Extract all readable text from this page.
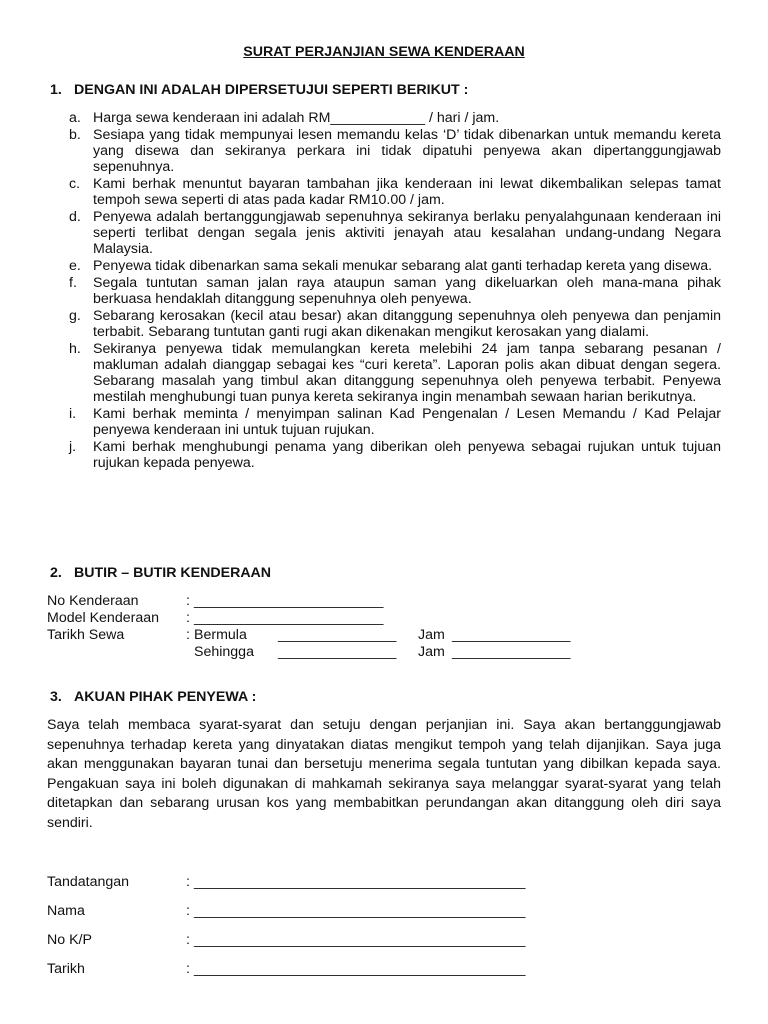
SURAT PERJANJIAN SEWA KENDERAAN
1. DENGAN INI ADALAH DIPERSETUJUI SEPERTI BERIKUT :
a. Harga sewa kenderaan ini adalah RM____________ / hari / jam.
b. Sesiapa yang tidak mempunyai lesen memandu kelas ‘D’ tidak dibenarkan untuk memandu kereta yang disewa dan sekiranya perkara ini tidak dipatuhi penyewa akan dipertanggungjawab sepenuhnya.
c. Kami berhak menuntut bayaran tambahan jika kenderaan ini lewat dikembalikan selepas tamat tempoh sewa seperti di atas pada kadar RM10.00 / jam.
d. Penyewa adalah bertanggungjawab sepenuhnya sekiranya berlaku penyalahgunaan kenderaan ini seperti terlibat dengan segala jenis aktiviti jenayah atau kesalahan undang-undang Negara Malaysia.
e. Penyewa tidak dibenarkan sama sekali menukar sebarang alat ganti terhadap kereta yang disewa.
f. Segala tuntutan saman jalan raya ataupun saman yang dikeluarkan oleh mana-mana pihak berkuasa hendaklah ditanggung sepenuhnya oleh penyewa.
g. Sebarang kerosakan (kecil atau besar) akan ditanggung sepenuhnya oleh penyewa dan penjamin terbabit. Sebarang tuntutan ganti rugi akan dikenakan mengikut kerosakan yang dialami.
h. Sekiranya penyewa tidak memulangkan kereta melebihi 24 jam tanpa sebarang pesanan / makluman adalah dianggap sebagai kes “curi kereta”. Laporan polis akan dibuat dengan segera. Sebarang masalah yang timbul akan ditanggung sepenuhnya oleh penyewa terbabit. Penyewa mestilah menghubungi tuan punya kereta sekiranya ingin menambah sewaan harian berikutnya.
i. Kami berhak meminta / menyimpan salinan Kad Pengenalan / Lesen Memandu / Kad Pelajar penyewa kenderaan ini untuk tujuan rujukan.
j. Kami berhak menghubungi penama yang diberikan oleh penyewa sebagai rujukan untuk tujuan rujukan kepada penyewa.
2. BUTIR – BUTIR KENDERAAN
No Kenderaan	: ________________________
Model Kenderaan : ________________________
Tarikh Sewa	: Bermula _______________ Jam _______________
Sehingga _______________ Jam _______________
3. AKUAN PIHAK PENYEWA :

Saya telah membaca syarat-syarat dan setuju dengan perjanjian ini. Saya akan bertanggungjawab sepenuhnya terhadap kereta yang dinyatakan diatas mengikut tempoh yang telah dijanjikan. Saya juga akan menggunakan bayaran tunai dan bersetuju menerima segala tuntutan yang dibilkan kepada saya. Pengakuan saya ini boleh digunakan di mahkamah sekiranya saya melanggar syarat-syarat yang telah ditetapkan dan sebarang urusan kos yang membabitkan perundangan akan ditanggung oleh diri saya sendiri.

Tandatangan	: __________________________________________
Nama	: __________________________________________
No K/P	: __________________________________________
Tarikh	: __________________________________________
